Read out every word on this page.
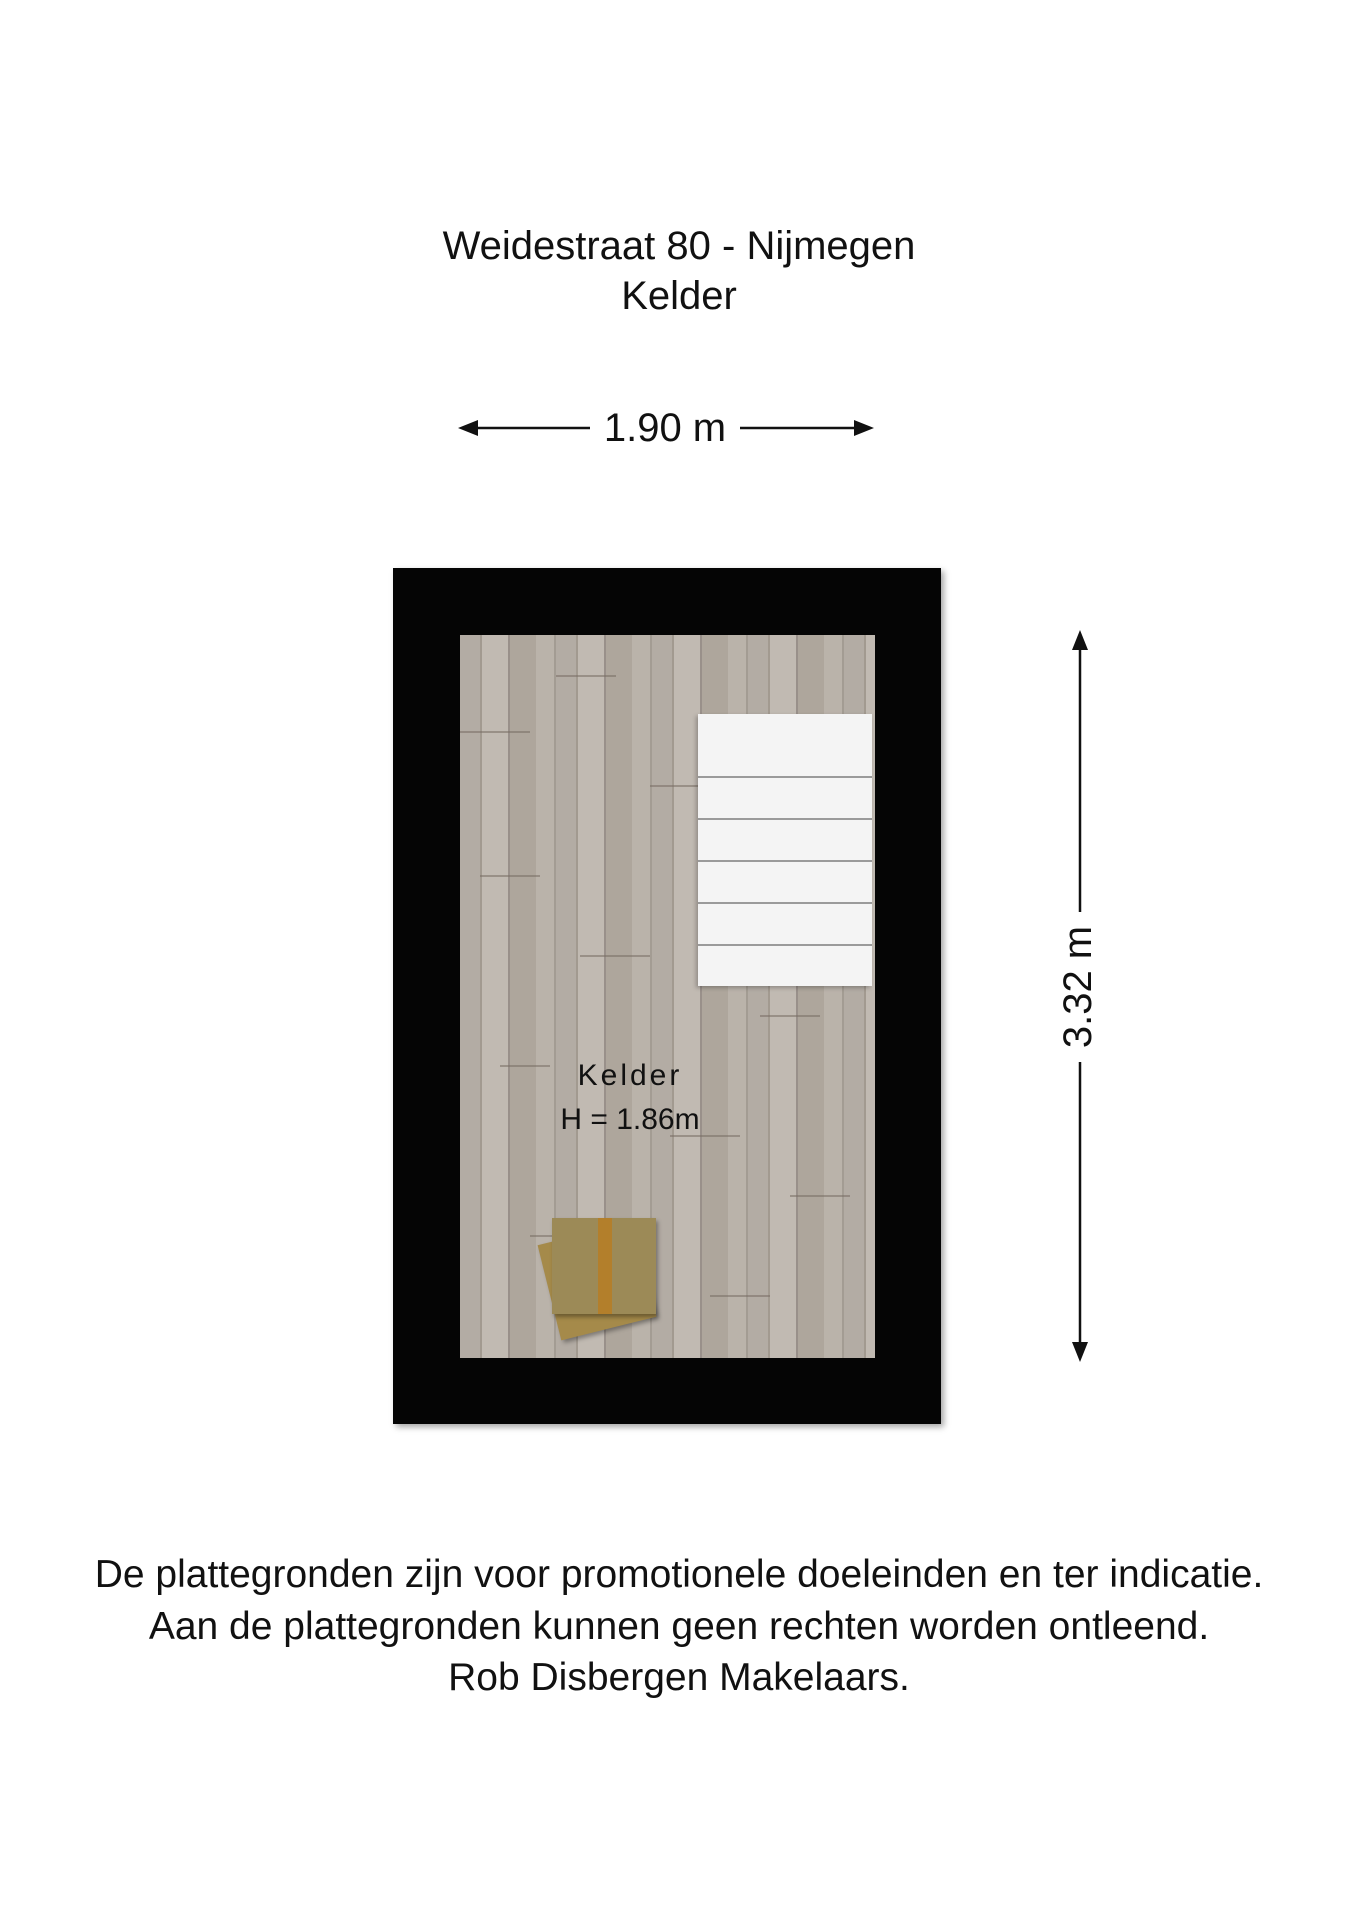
Weidestraat 80 - Nijmegen
Kelder
1.90 m
3.32 m
Kelder
H = 1.86m
De plattegronden zijn voor promotionele doeleinden en ter indicatie.
Aan de plattegronden kunnen geen rechten worden ontleend.
Rob Disbergen Makelaars.
